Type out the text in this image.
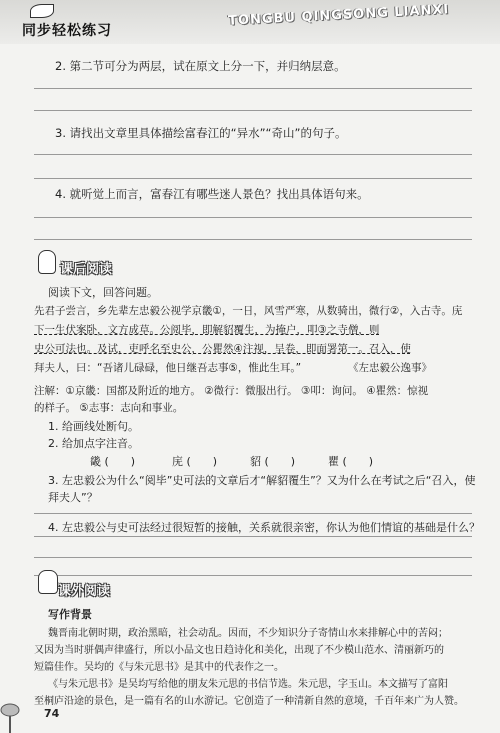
同步轻松练习
TONGBU QINGSONG LIANXI
2. 第二节可分为两层，试在原文上分一下，并归纳层意。
3. 请找出文章里具体描绘富春江的“异水”“奇山”的句子。
4. 就听觉上而言，富春江有哪些迷人景色？找出具体语句来。
课后阅读
阅读下文，回答问题。
先君子尝言，乡先辈左忠毅公视学京畿①，一日，风雪严寒，从数骑出，微行②，入古寺。庑
下一生伏案卧，文方成草。公阅毕，即解貂覆生，为掩户，叩③之寺僧，则
史公可法也。及试，吏呼名至史公，公瞿然④注视，呈卷，即面署第一。召入，使
拜夫人，曰：“吾诸儿碌碌，他日继吾志事⑤，惟此生耳。”	《左忠毅公逸事》
注解：①京畿：国都及附近的地方。 ②微行：微服出行。 ③叩：询问。 ④瞿然：惊视
的样子。 ⑤志事：志向和事业。
1. 给画线处断句。
2. 给加点字注音。
畿 (　　)	庑 (　　)	貂 (　　)	瞿 (　　)
3. 左忠毅公为什么“阅毕”史可法的文章后才“解貂覆生”？又为什么在考试之后“召入，使
拜夫人”？
4. 左忠毅公与史可法经过很短暂的接触，关系就很亲密，你认为他们情谊的基础是什么？
课外阅读
写作背景
魏晋南北朝时期，政治黑暗，社会动乱。因而，不少知识分子寄情山水来排解心中的苦闷；
又因为当时骈偶声律盛行，所以小品文也日趋诗化和美化，出现了不少模山范水、清丽新巧的
短篇佳作。吴均的《与朱元思书》是其中的代表作之一。
《与朱元思书》是吴均写给他的朋友朱元思的书信节选。朱元思，字玉山。本文描写了富阳
至桐庐沿途的景色，是一篇有名的山水游记。它创造了一种清新自然的意境，千百年来广为人赞。
74
